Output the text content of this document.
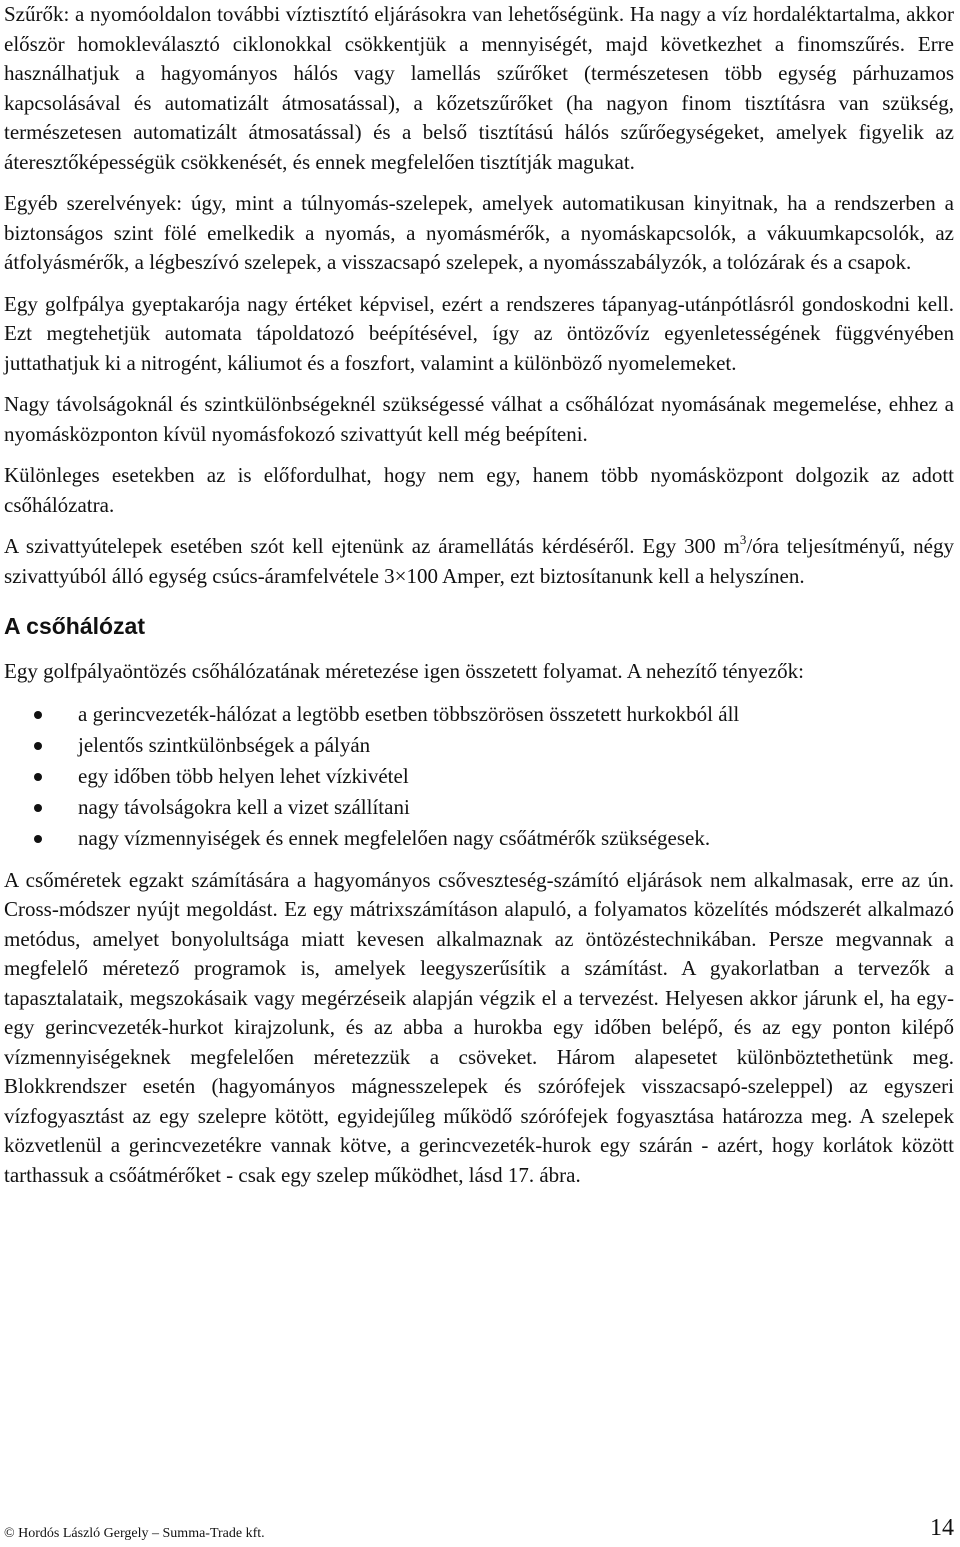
Szűrők: a nyomóoldalon további víztisztító eljárásokra van lehetőségünk. Ha nagy a víz hordaléktartalma, akkor először homokleválasztó ciklonokkal csökkentjük a mennyiségét, majd következhet a finomszűrés. Erre használhatjuk a hagyományos hálós vagy lamellás szűrőket (természetesen több egység párhuzamos kapcsolásával és automatizált átmosatással), a kőzetszűrőket (ha nagyon finom tisztításra van szükség, természetesen automatizált átmosatással) és a belső tisztítású hálós szűrőegységeket, amelyek figyelik az áteresztőképességük csökkenését, és ennek megfelelően tisztítják magukat.

Egyéb szerelvények: úgy, mint a túlnyomás-szelepek, amelyek automatikusan kinyitnak, ha a rendszerben a biztonságos szint fölé emelkedik a nyomás, a nyomásmérők, a nyomáskapcsolók, a vákuumkapcsolók, az átfolyásmérők, a légbeszívó szelepek, a visszacsapó szelepek, a nyomásszabályzók, a tolózárak és a csapok.

Egy golfpálya gyeptakarója nagy értéket képvisel, ezért a rendszeres tápanyag-utánpótlásról gondoskodni kell. Ezt megtehetjük automata tápoldatozó beépítésével, így az öntözővíz egyenletességének függvényében juttathatjuk ki a nitrogént, káliumot és a foszfort, valamint a különböző nyomelemeket.

Nagy távolságoknál és szintkülönbségeknél szükségessé válhat a csőhálózat nyomásának megemelése, ehhez a nyomásközponton kívül nyomásfokozó szivattyút kell még beépíteni.

Különleges esetekben az is előfordulhat, hogy nem egy, hanem több nyomásközpont dolgozik az adott csőhálózatra.

A szivattyútelepek esetében szót kell ejtenünk az áramellátás kérdéséről. Egy 300 $m^3$/óra teljesítményű, négy szivattyúból álló egység csúcs-áramfelvétele 3×100 Amper, ezt biztosítanunk kell a helyszínen.

A csőhálózat

Egy golfpályaöntözés csőhálózatának méretezése igen összetett folyamat. A nehezítő tényezők:

a gerincvezeték-hálózat a legtöbb esetben többszörösen összetett hurkokból áll
jelentős szintkülönbségek a pályán
egy időben több helyen lehet vízkivétel
nagy távolságokra kell a vizet szállítani
nagy vízmennyiségek és ennek megfelelően nagy csőátmérők szükségesek.

A csőméretek egzakt számítására a hagyományos csőveszteség-számító eljárások nem alkalmasak, erre az ún. Cross-módszer nyújt megoldást. Ez egy mátrixszámításon alapuló, a folyamatos közelítés módszerét alkalmazó metódus, amelyet bonyolultsága miatt kevesen alkalmaznak az öntözéstechnikában. Persze megvannak a megfelelő méretező programok is, amelyek leegyszerűsítik a számítást. A gyakorlatban a tervezők a tapasztalataik, megszokásaik vagy megérzéseik alapján végzik el a tervezést. Helyesen akkor járunk el, ha egy-egy gerincvezeték-hurkot kirajzolunk, és az abba a hurokba egy időben belépő, és az egy ponton kilépő vízmennyiségeknek megfelelően méretezzük a csöveket. Három alapesetet különböztethetünk meg. Blokkrendszer esetén (hagyományos mágnesszelepek és szórófejek visszacsapó-szeleppel) az egyszeri vízfogyasztást az egy szelepre kötött, egyidejűleg működő szórófejek fogyasztása határozza meg. A szelepek közvetlenül a gerincvezetékre vannak kötve, a gerincvezeték-hurok egy szárán - azért, hogy korlátok között tarthassuk a csőátmérőket - csak egy szelep működhet, lásd 17. ábra.

© Hordós László Gergely – Summa-Trade kft.	14
